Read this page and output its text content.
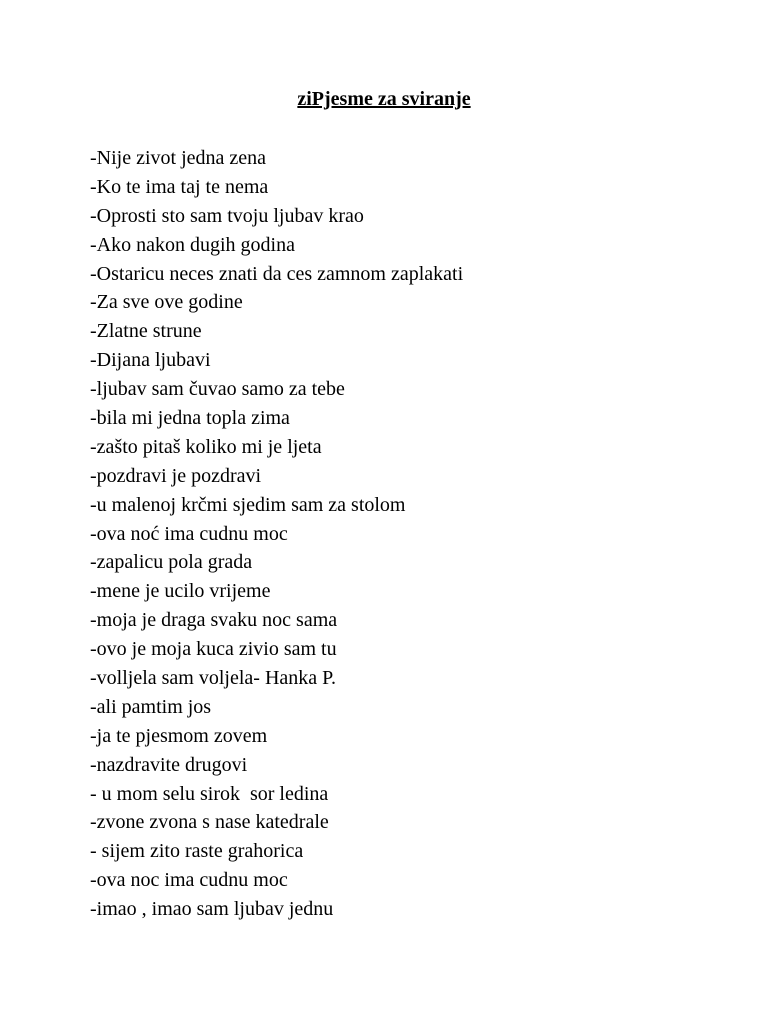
ziPjesme za sviranje
-Nije zivot jedna zena
-Ko te ima taj te nema
-Oprosti sto sam tvoju ljubav krao
-Ako nakon dugih godina
-Ostaricu neces znati da ces zamnom zaplakati
-Za sve ove godine
-Zlatne strune
-Dijana ljubavi
-ljubav sam čuvao samo za tebe
-bila mi jedna topla zima
-zašto pitaš koliko mi je ljeta
-pozdravi je pozdravi
-u malenoj krčmi sjedim sam za stolom
-ova noć ima cudnu moc
-zapalicu pola grada
-mene je ucilo vrijeme
-moja je draga svaku noc sama
-ovo je moja kuca zivio sam tu
-volljela sam voljela- Hanka P.
-ali pamtim jos
-ja te pjesmom zovem
-nazdravite drugovi
- u mom selu sirok  sor ledina
-zvone zvona s nase katedrale
- sijem zito raste grahorica
-ova noc ima cudnu moc
-imao , imao sam ljubav jednu
